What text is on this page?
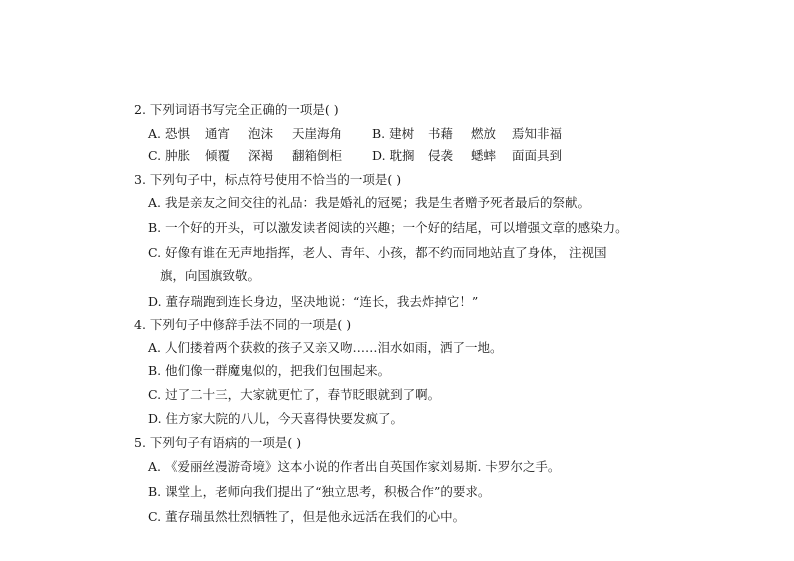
2. 下列词语书写完全正确的一项是( )
A. 恐惧 通宵 泡沫 天崖海角 B. 建树 书藉 燃放 焉知非福
C. 肿胀 倾覆 深褐 翻箱倒柜 D. 耽搁 侵袭 蟋蟀 面面具到
3. 下列句子中，标点符号使用不恰当的一项是( )
A. 我是亲友之间交往的礼品：我是婚礼的冠冕；我是生者赠予死者最后的祭献。
B. 一个好的开头，可以激发读者阅读的兴趣；一个好的结尾，可以增强文章的感染力。
C. 好像有谁在无声地指挥，老人、青年、小孩，都不约而同地站直了身体， 注视国
旗，向国旗致敬。
D. 董存瑞跑到连长身边，坚决地说：“连长，我去炸掉它！”
4. 下列句子中修辞手法不同的一项是( )
A. 人们搂着两个获救的孩子又亲又吻……泪水如雨，洒了一地。
B. 他们像一群魔鬼似的，把我们包围起来。
C. 过了二十三，大家就更忙了，春节眨眼就到了啊。
D. 住方家大院的八儿，今天喜得快要发疯了。
5. 下列句子有语病的一项是( )
A. 《爱丽丝漫游奇境》这本小说的作者出自英国作家刘易斯. 卡罗尔之手。
B. 课堂上，老师向我们提出了“独立思考，积极合作”的要求。
C. 董存瑞虽然壮烈牺牲了，但是他永远活在我们的心中。
